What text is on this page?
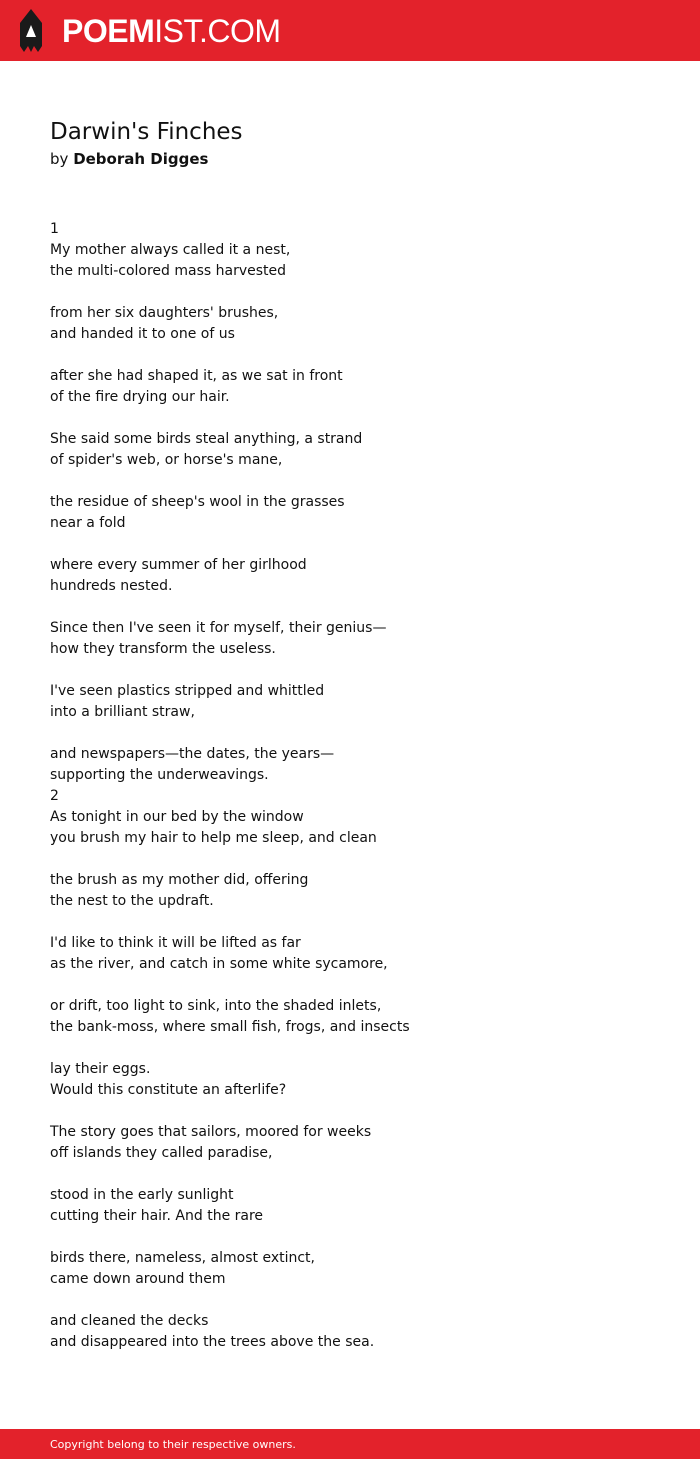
POEMIST.COM
Darwin's Finches
by Deborah Digges
1
My mother always called it a nest,
the multi-colored mass harvested
from her six daughters' brushes,
and handed it to one of us
after she had shaped it, as we sat in front
of the fire drying our hair.
She said some birds steal anything, a strand
of spider's web, or horse's mane,
the residue of sheep's wool in the grasses
near a fold
where every summer of her girlhood
hundreds nested.
Since then I've seen it for myself, their genius—
how they transform the useless.
I've seen plastics stripped and whittled
into a brilliant straw,
and newspapers—the dates, the years—
supporting the underweavings.
2
As tonight in our bed by the window
you brush my hair to help me sleep, and clean
the brush as my mother did, offering
the nest to the updraft.
I'd like to think it will be lifted as far
as the river, and catch in some white sycamore,
or drift, too light to sink, into the shaded inlets,
the bank-moss, where small fish, frogs, and insects
lay their eggs.
Would this constitute an afterlife?
The story goes that sailors, moored for weeks
off islands they called paradise,
stood in the early sunlight
cutting their hair. And the rare
birds there, nameless, almost extinct,
came down around them
and cleaned the decks
and disappeared into the trees above the sea.
Copyright belong to their respective owners.
